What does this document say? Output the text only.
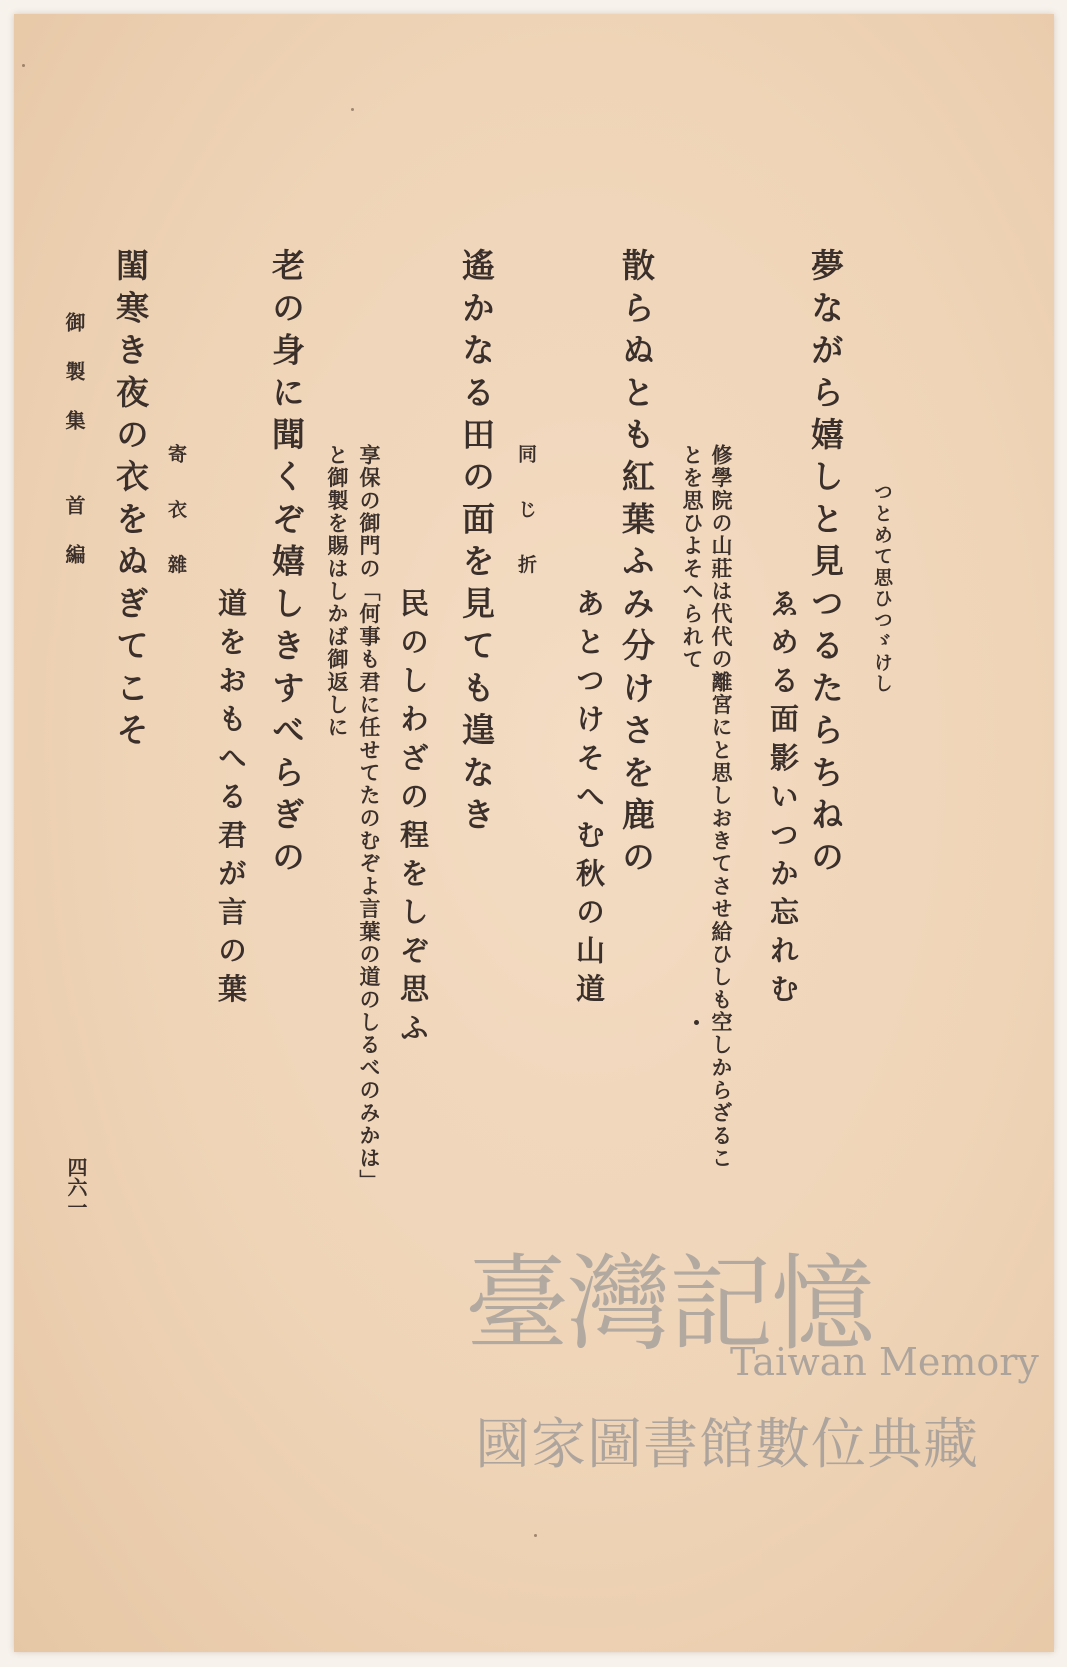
つとめて思ひつゞけし
夢ながら嬉しと見つるたらちねの
ゑめる面影いつか忘れむ
修學院の山莊は代代の離宮にと思しおきてさせ給ひしも空しからざるこ
とを思ひよそへられて
散らぬとも紅葉ふみ分けさを鹿の
あとつけそへむ秋の山道
同じ折
遙かなる田の面を見ても遑なき
民のしわざの程をしぞ思ふ
享保の御門の「何事も君に任せてたのむぞよ言葉の道のしるべのみかは」
と御製を賜はしかば御返しに
老の身に聞くぞ嬉しきすべらぎの
道をおもへる君が言の葉
寄衣雜
閨寒き夜の衣をぬぎてこそ
御製集 首編
四六一
臺灣記憶
Taiwan Memory
國家圖書館數位典藏
